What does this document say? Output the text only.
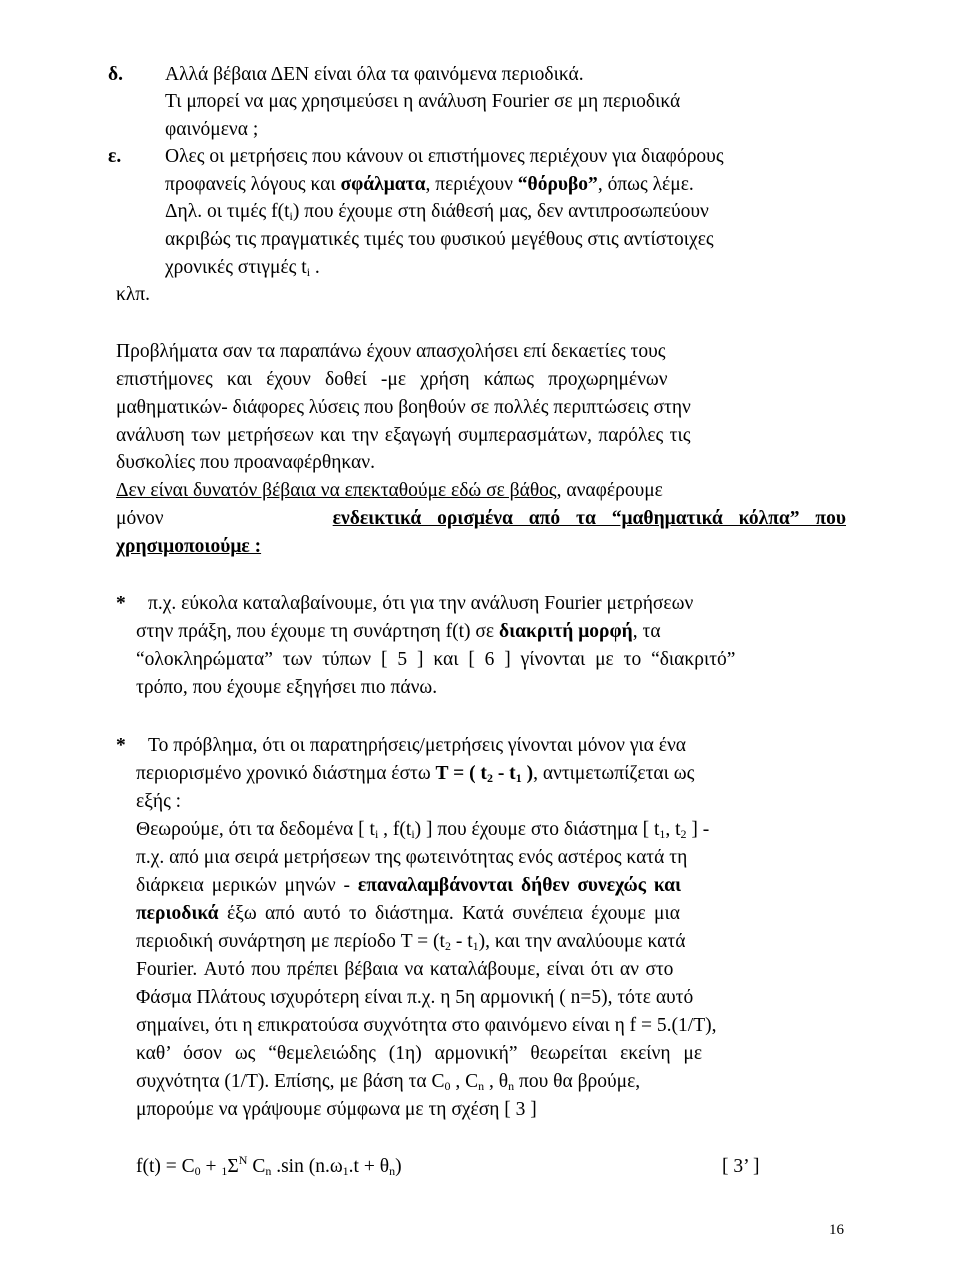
δ. Αλλά βέβαια ΔΕΝ είναι όλα τα φαινόμενα περιοδικά.
Τι μπορεί να μας χρησιμεύσει η ανάλυση Fourier σε μη περιοδικά
φαινόμενα ;
ε. Ολες οι μετρήσεις που κάνουν οι επιστήμονες περιέχουν για διαφόρους
προφανείς λόγους και σφάλματα, περιέχουν “θόρυβο”, όπως λέμε.
Δηλ. οι τιμές $f(t_i)$ που έχουμε στη διάθεσή μας, δεν αντιπροσωπεύουν
ακριβώς τις πραγματικές τιμές του φυσικού μεγέθους στις αντίστοιχες
χρονικές στιγμές $t_i$ .
κλπ.
Προβλήματα σαν τα παραπάνω έχουν απασχολήσει επί δεκαετίες τους
επιστήμονες και έχουν δοθεί -με χρήση κάπως προχωρημένων
μαθηματικών- διάφορες λύσεις που βοηθούν σε πολλές περιπτώσεις στην
ανάλυση των μετρήσεων και την εξαγωγή συμπερασμάτων, παρόλες τις
δυσκολίες που προαναφέρθηκαν.
Δεν είναι δυνατόν βέβαια να επεκταθούμε εδώ σε βάθος, αναφέρουμε
μόνον	ενδεικτικά ορισμένα από τα “μαθηματικά κόλπα” που
χρησιμοποιούμε :
* π.χ. εύκολα καταλαβαίνουμε, ότι για την ανάλυση Fourier μετρήσεων
στην πράξη, που έχουμε τη συνάρτηση f(t) σε διακριτή μορφή, τα
“ολοκληρώματα” των τύπων [ 5 ] και [ 6 ] γίνονται με το “διακριτό”
τρόπο, που έχουμε εξηγήσει πιο πάνω.
* Το πρόβλημα, ότι οι παρατηρήσεις/μετρήσεις γίνονται μόνον για ένα
περιορισμένο χρονικό διάστημα έστω T = ( $t_2 - t_1$ ), αντιμετωπίζεται ως
εξής :
Θεωρούμε, ότι τα δεδομένα [ $t_i$ , $f(t_i)$ ] που έχουμε στο διάστημα [ $t_1$, $t_2$ ] -
π.χ. από μια σειρά μετρήσεων της φωτεινότητας ενός αστέρος κατά τη
διάρκεια μερικών μηνών - επαναλαμβάνονται δήθεν συνεχώς και
περιοδικά έξω από αυτό το διάστημα. Κατά συνέπεια έχουμε μια
περιοδική συνάρτηση με περίοδο $T = (t_2 - t_1)$, και την αναλύουμε κατά
Fourier. Αυτό που πρέπει βέβαια να καταλάβουμε, είναι ότι αν στο
Φάσμα Πλάτους ισχυρότερη είναι π.χ. η 5η αρμονική ( n=5), τότε αυτό
σημαίνει, ότι η επικρατούσα συχνότητα στο φαινόμενο είναι η f = 5.(1/T),
καθ’ όσον ως “θεμελειώδης (1η) αρμονική” θεωρείται εκείνη με
συχνότητα (1/T). Επίσης, με βάση τα $C_0$ , $C_n$ , $\theta_n$ που θα βρούμε,
μπορούμε να γράψουμε σύμφωνα με τη σχέση [ 3 ]
$f(t) = C_0 + _1\Sigma^N$ $C_n$ .sin $(n.\omega_1.t + \theta_n)$	[ 3’ ]
16
